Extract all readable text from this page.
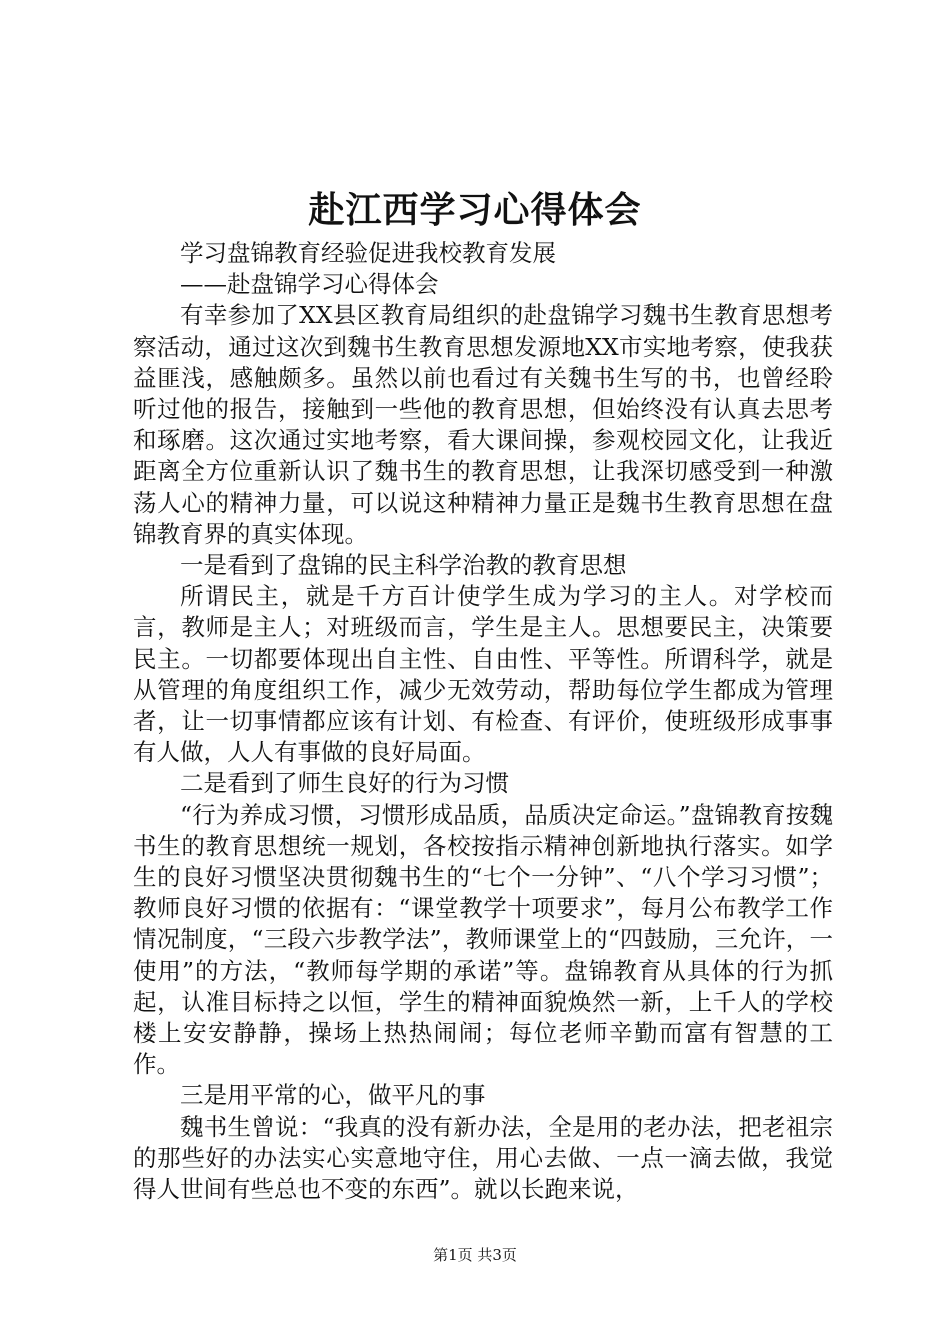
赴江西学习心得体会

学习盘锦教育经验促进我校教育发展

——赴盘锦学习心得体会

有幸参加了XX县区教育局组织的赴盘锦学习魏书生教育思想考察活动，通过这次到魏书生教育思想发源地XX市实地考察，使我获益匪浅，感触颇多。虽然以前也看过有关魏书生写的书，也曾经聆听过他的报告，接触到一些他的教育思想，但始终没有认真去思考和琢磨。这次通过实地考察，看大课间操，参观校园文化，让我近距离全方位重新认识了魏书生的教育思想，让我深切感受到一种激荡人心的精神力量，可以说这种精神力量正是魏书生教育思想在盘锦教育界的真实体现。

一是看到了盘锦的民主科学治教的教育思想

所谓民主，就是千方百计使学生成为学习的主人。对学校而言，教师是主人；对班级而言，学生是主人。思想要民主，决策要民主。一切都要体现出自主性、自由性、平等性。所谓科学，就是从管理的角度组织工作，减少无效劳动，帮助每位学生都成为管理者，让一切事情都应该有计划、有检查、有评价，使班级形成事事有人做，人人有事做的良好局面。

二是看到了师生良好的行为习惯

“行为养成习惯，习惯形成品质，品质决定命运。”盘锦教育按魏书生的教育思想统一规划，各校按指示精神创新地执行落实。如学生的良好习惯坚决贯彻魏书生的“七个一分钟”、“八个学习习惯”；教师良好习惯的依据有：“课堂教学十项要求”，每月公布教学工作情况制度，“三段六步教学法”，教师课堂上的“四鼓励，三允许，一使用”的方法，“教师每学期的承诺”等。盘锦教育从具体的行为抓起，认准目标持之以恒，学生的精神面貌焕然一新，上千人的学校楼上安安静静，操场上热热闹闹；每位老师辛勤而富有智慧的工作。

三是用平常的心，做平凡的事

魏书生曾说：“我真的没有新办法，全是用的老办法，把老祖宗的那些好的办法实心实意地守住，用心去做、一点一滴去做，我觉得人世间有些总也不变的东西”。就以长跑来说，

第1页 共3页
